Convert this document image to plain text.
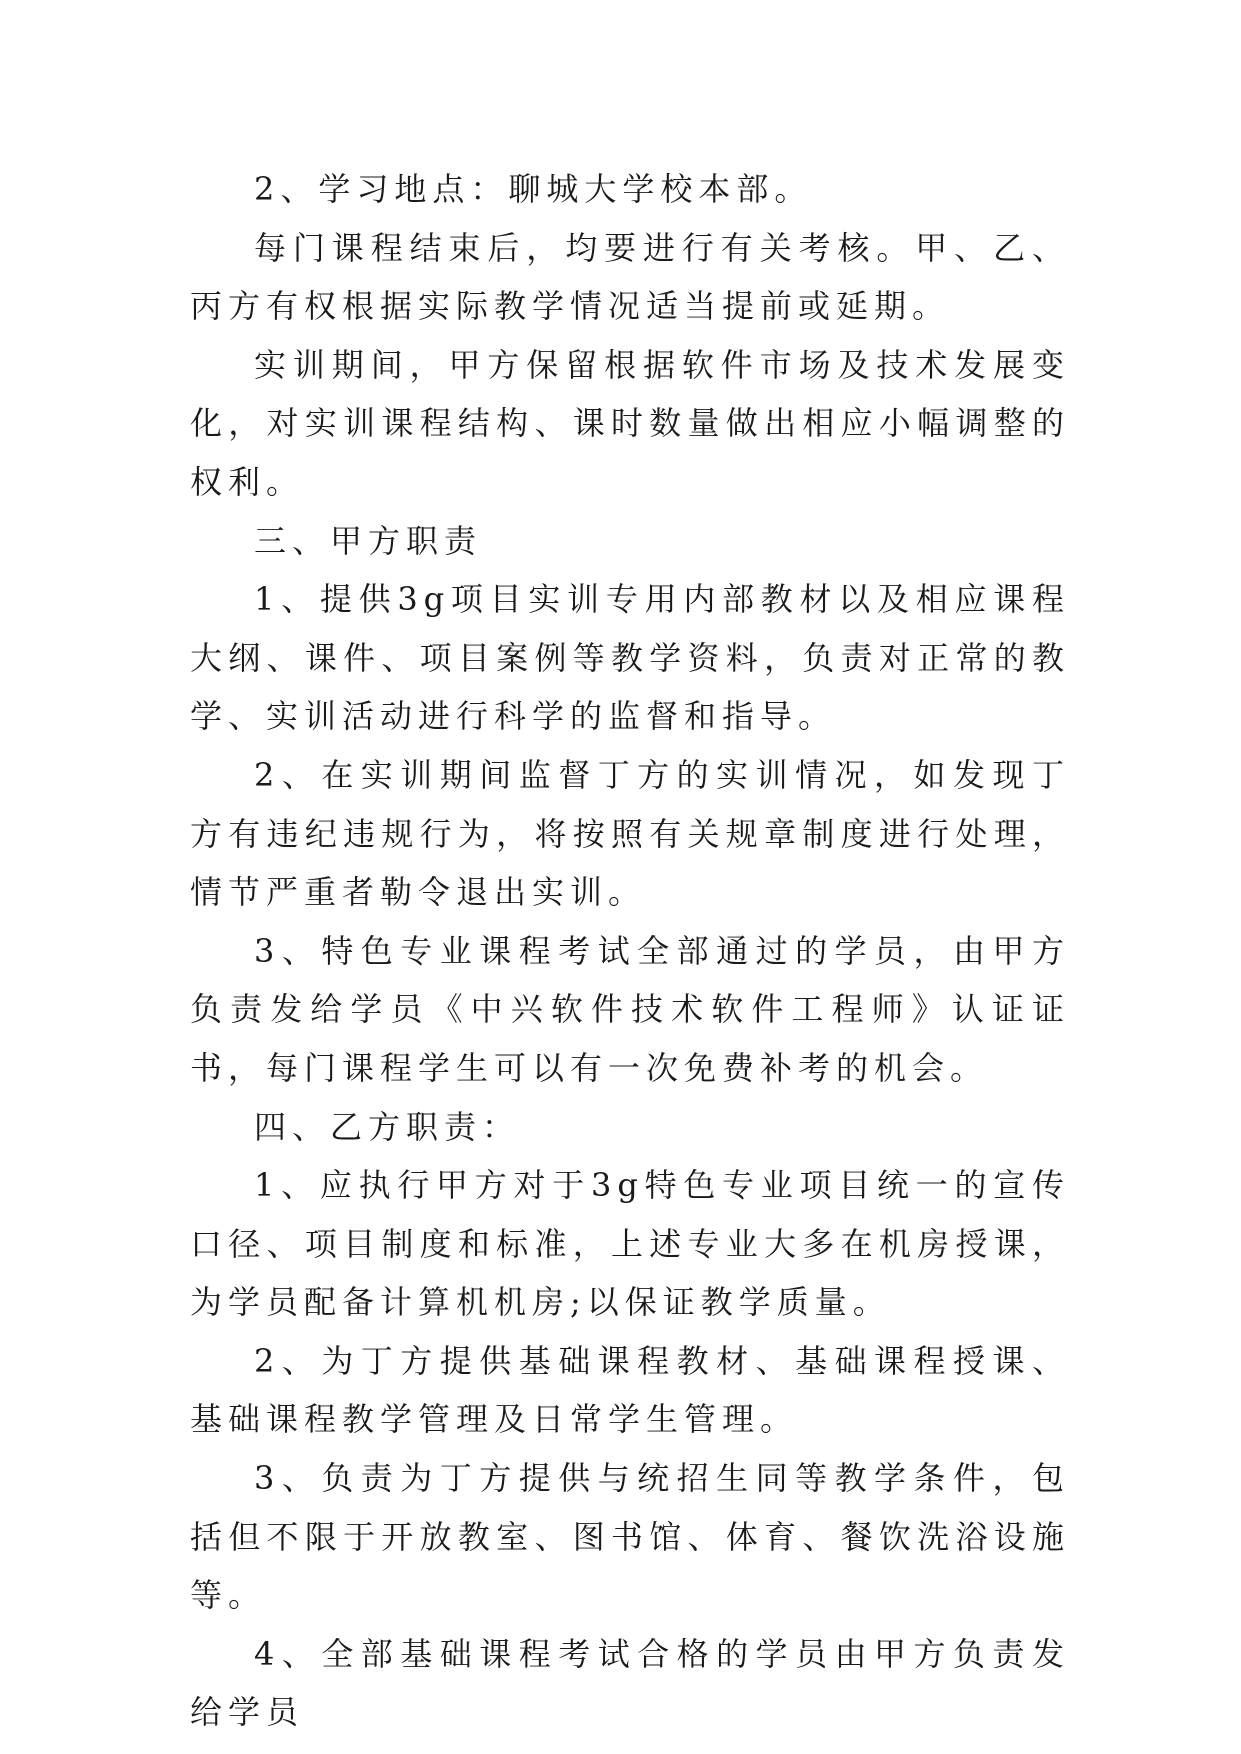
2、学习地点：聊城大学校本部。

每门课程结束后，均要进行有关考核。甲、乙、丙方有权根据实际教学情况适当提前或延期。

实训期间，甲方保留根据软件市场及技术发展变化，对实训课程结构、课时数量做出相应小幅调整的权利。

三、甲方职责

1、提供3g项目实训专用内部教材以及相应课程大纲、课件、项目案例等教学资料，负责对正常的教学、实训活动进行科学的监督和指导。

2、在实训期间监督丁方的实训情况，如发现丁方有违纪违规行为，将按照有关规章制度进行处理，情节严重者勒令退出实训。

3、特色专业课程考试全部通过的学员，由甲方负责发给学员《中兴软件技术软件工程师》认证证书，每门课程学生可以有一次免费补考的机会。

四、乙方职责：

1、应执行甲方对于3g特色专业项目统一的宣传口径、项目制度和标准，上述专业大多在机房授课，为学员配备计算机机房;以保证教学质量。

2、为丁方提供基础课程教材、基础课程授课、基础课程教学管理及日常学生管理。

3、负责为丁方提供与统招生同等教学条件，包括但不限于开放教室、图书馆、体育、餐饮洗浴设施等。

4、全部基础课程考试合格的学员由甲方负责发给学员
